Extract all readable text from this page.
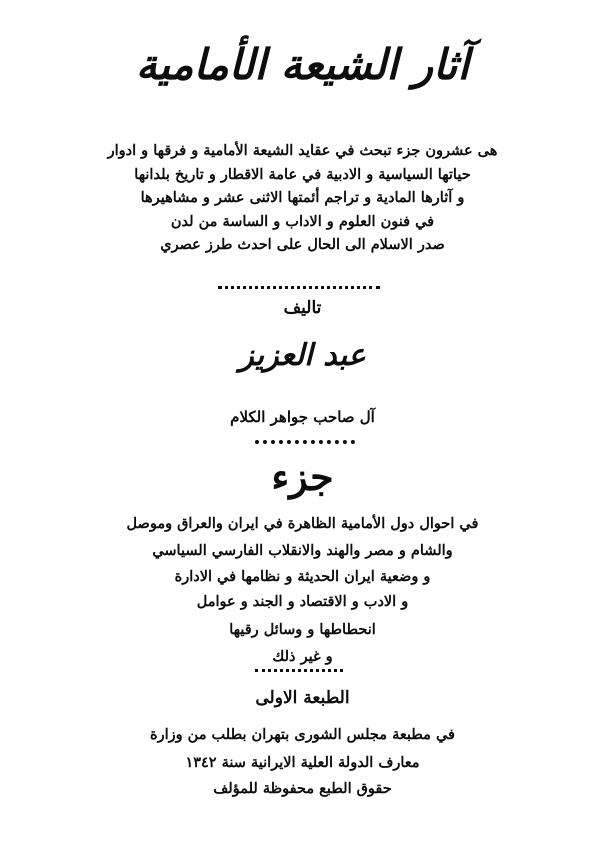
آثار الشيعة الأمامية
هى عشرون جزء تبحث في عقايد الشيعة الأمامية و فرقها و ادوار
حياتها السياسية و الادبية في عامة الاقطار و تاريخ بلدانها
و آثارها المادية و تراجم أئمتها الاثنى عشر و مشاهيرها
في فنون العلوم و الاداب و الساسة من لدن
صدر الاسلام الى الحال على احدث طرز عصري
تاليف
عبد العزيز
آل صاحب جواهر الكلام
جزء
في احوال دول الأمامية الظاهرة في ايران والعراق وموصل
والشام و مصر والهند والانقلاب الفارسي السياسي
و وضعية ايران الحديثة و نظامها في الادارة
و الادب و الاقتصاد و الجند و عوامل
انحطاطها و وسائل رقيها
و غير ذلك
الطبعة الاولى
في مطبعة مجلس الشورى بتهران بطلب من وزارة
معارف الدولة العلية الايرانية سنة ١٣٤٢
حقوق الطبع محفوظة للمؤلف
